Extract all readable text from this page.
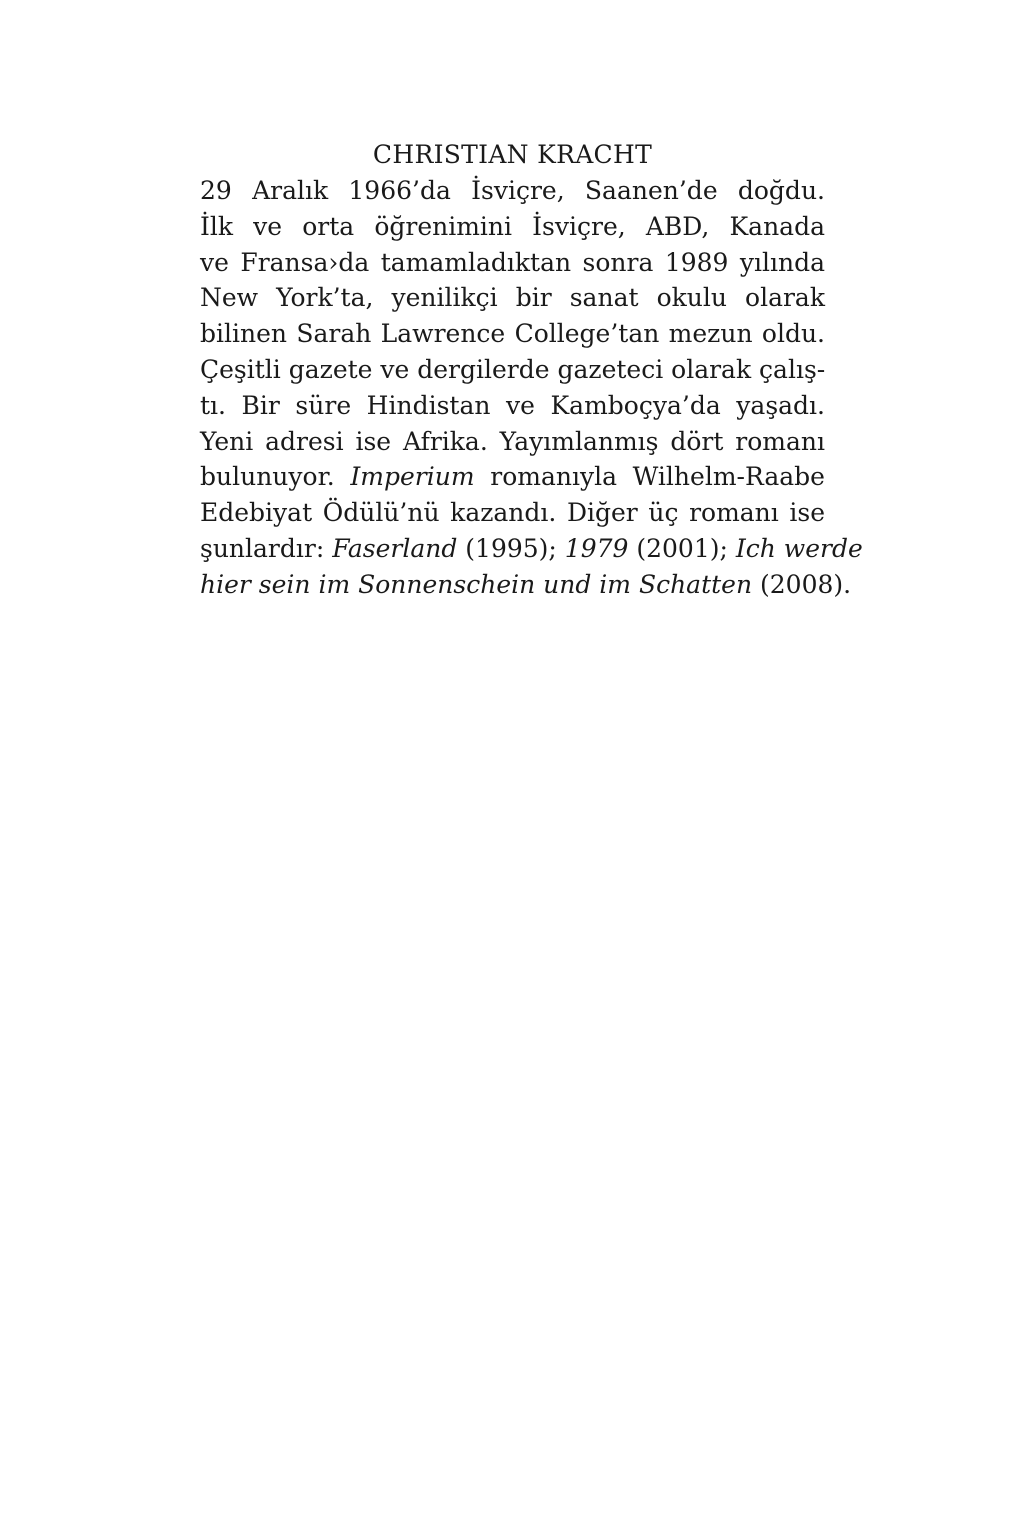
CHRISTIAN KRACHT
29 Aralık 1966’da İsviçre, Saanen’de doğdu.
İlk ve orta öğrenimini İsviçre, ABD, Kanada
ve Fransa›da tamamladıktan sonra 1989 yılında
New York’ta, yenilikçi bir sanat okulu olarak
bilinen Sarah Lawrence College’tan mezun oldu.
Çeşitli gazete ve dergilerde gazeteci olarak çalış-
tı. Bir süre Hindistan ve Kamboçya’da yaşadı.
Yeni adresi ise Afrika. Yayımlanmış dört romanı
bulunuyor. Imperium romanıyla Wilhelm-Raabe
Edebiyat Ödülü’nü kazandı. Diğer üç romanı ise
şunlardır: Faserland (1995); 1979 (2001); Ich werde
hier sein im Sonnenschein und im Schatten (2008).
